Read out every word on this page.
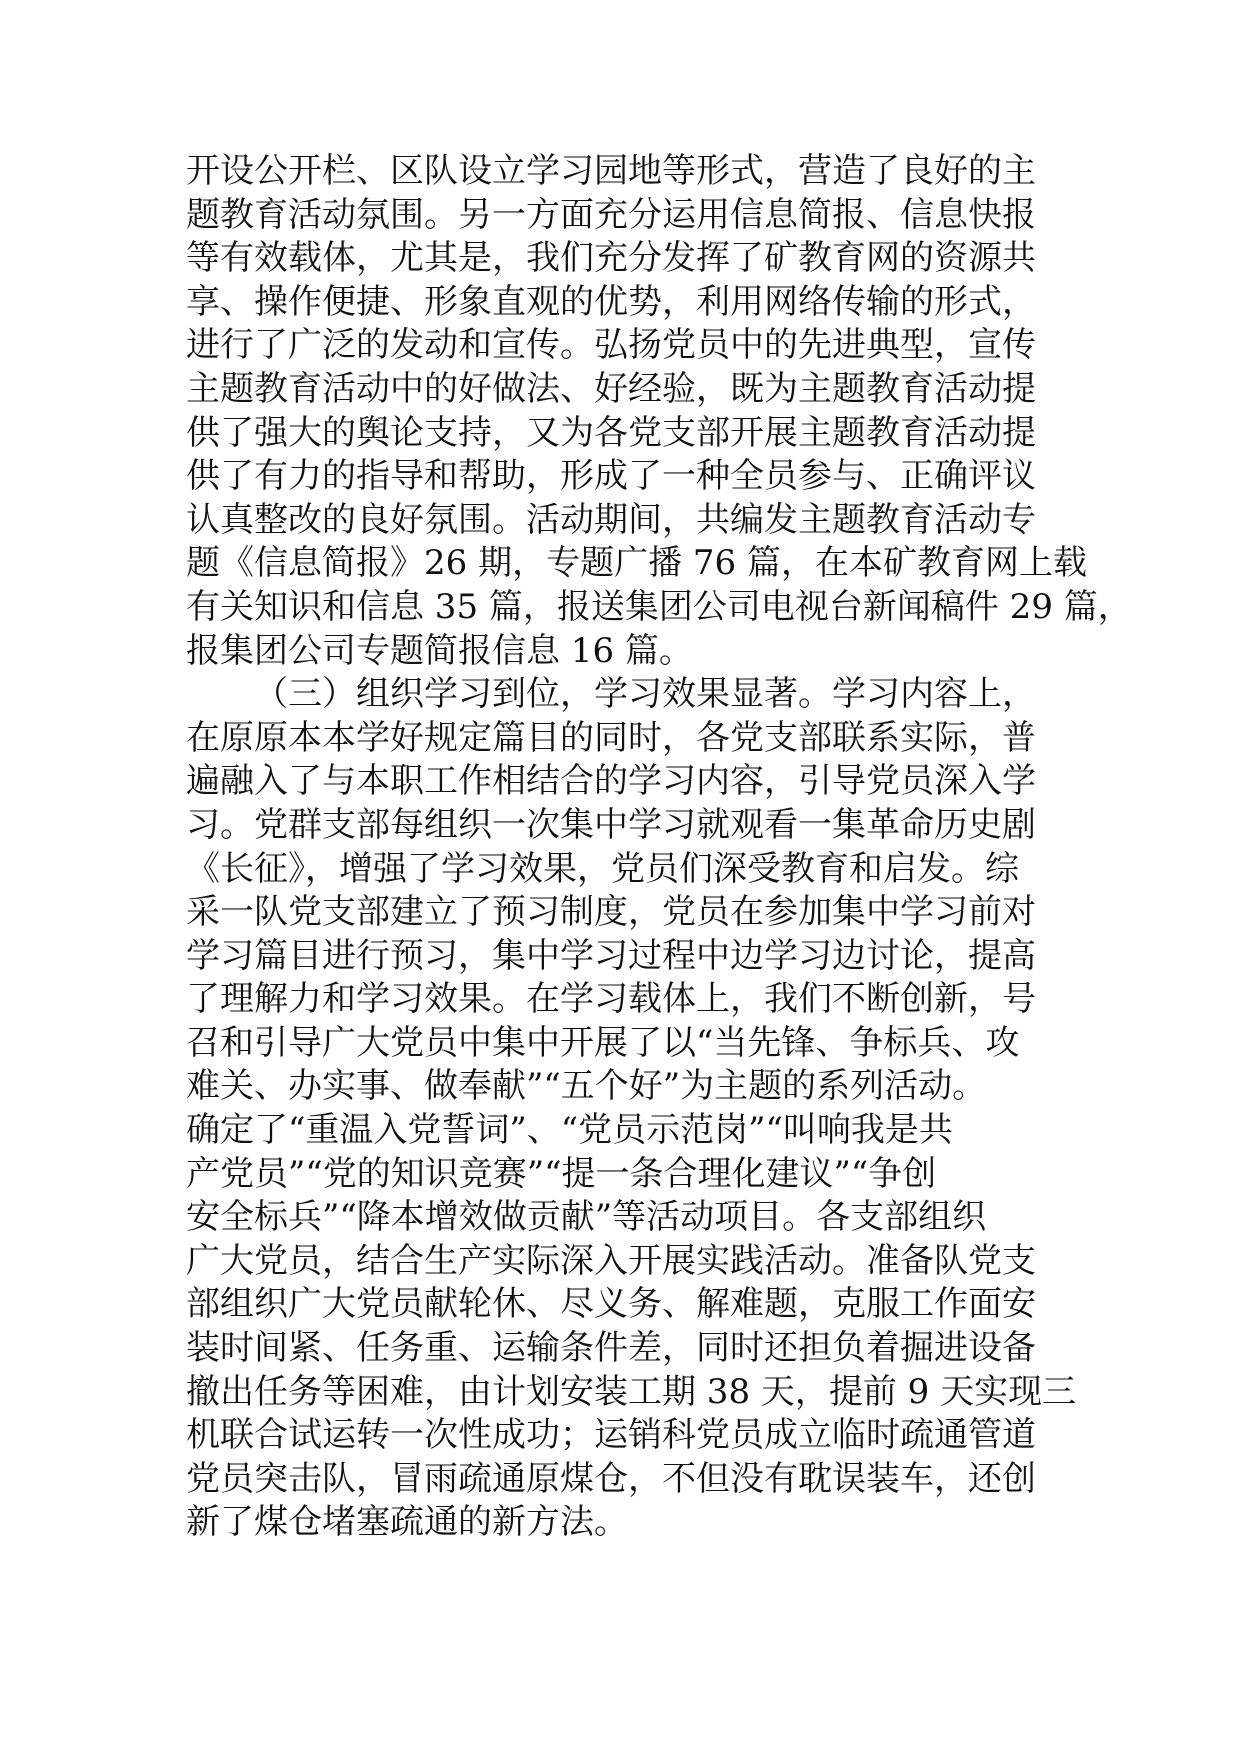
开设公开栏、区队设立学习园地等形式，营造了良好的主
题教育活动氛围。另一方面充分运用信息简报、信息快报
等有效载体，尤其是，我们充分发挥了矿教育网的资源共
享、操作便捷、形象直观的优势，利用网络传输的形式，
进行了广泛的发动和宣传。弘扬党员中的先进典型，宣传
主题教育活动中的好做法、好经验，既为主题教育活动提
供了强大的舆论支持，又为各党支部开展主题教育活动提
供了有力的指导和帮助，形成了一种全员参与、正确评议
认真整改的良好氛围。活动期间，共编发主题教育活动专
题《信息简报》26 期，专题广播 76 篇，在本矿教育网上载
有关知识和信息 35 篇，报送集团公司电视台新闻稿件 29 篇，
报集团公司专题简报信息 16 篇。
（三）组织学习到位，学习效果显著。学习内容上，
在原原本本学好规定篇目的同时，各党支部联系实际，普
遍融入了与本职工作相结合的学习内容，引导党员深入学
习。党群支部每组织一次集中学习就观看一集革命历史剧
《长征》，增强了学习效果，党员们深受教育和启发。综
采一队党支部建立了预习制度，党员在参加集中学习前对
学习篇目进行预习，集中学习过程中边学习边讨论，提高
了理解力和学习效果。在学习载体上，我们不断创新，号
召和引导广大党员中集中开展了以“当先锋、争标兵、攻
难关、办实事、做奉献”“五个好”为主题的系列活动。
确定了“重温入党誓词”、“党员示范岗”“叫响我是共
产党员”“党的知识竞赛”“提一条合理化建议”“争创
安全标兵”“降本增效做贡献”等活动项目。各支部组织
广大党员，结合生产实际深入开展实践活动。准备队党支
部组织广大党员献轮休、尽义务、解难题，克服工作面安
装时间紧、任务重、运输条件差，同时还担负着掘进设备
撤出任务等困难，由计划安装工期 38 天，提前 9 天实现三
机联合试运转一次性成功；运销科党员成立临时疏通管道
党员突击队，冒雨疏通原煤仓，不但没有耽误装车，还创
新了煤仓堵塞疏通的新方法。
